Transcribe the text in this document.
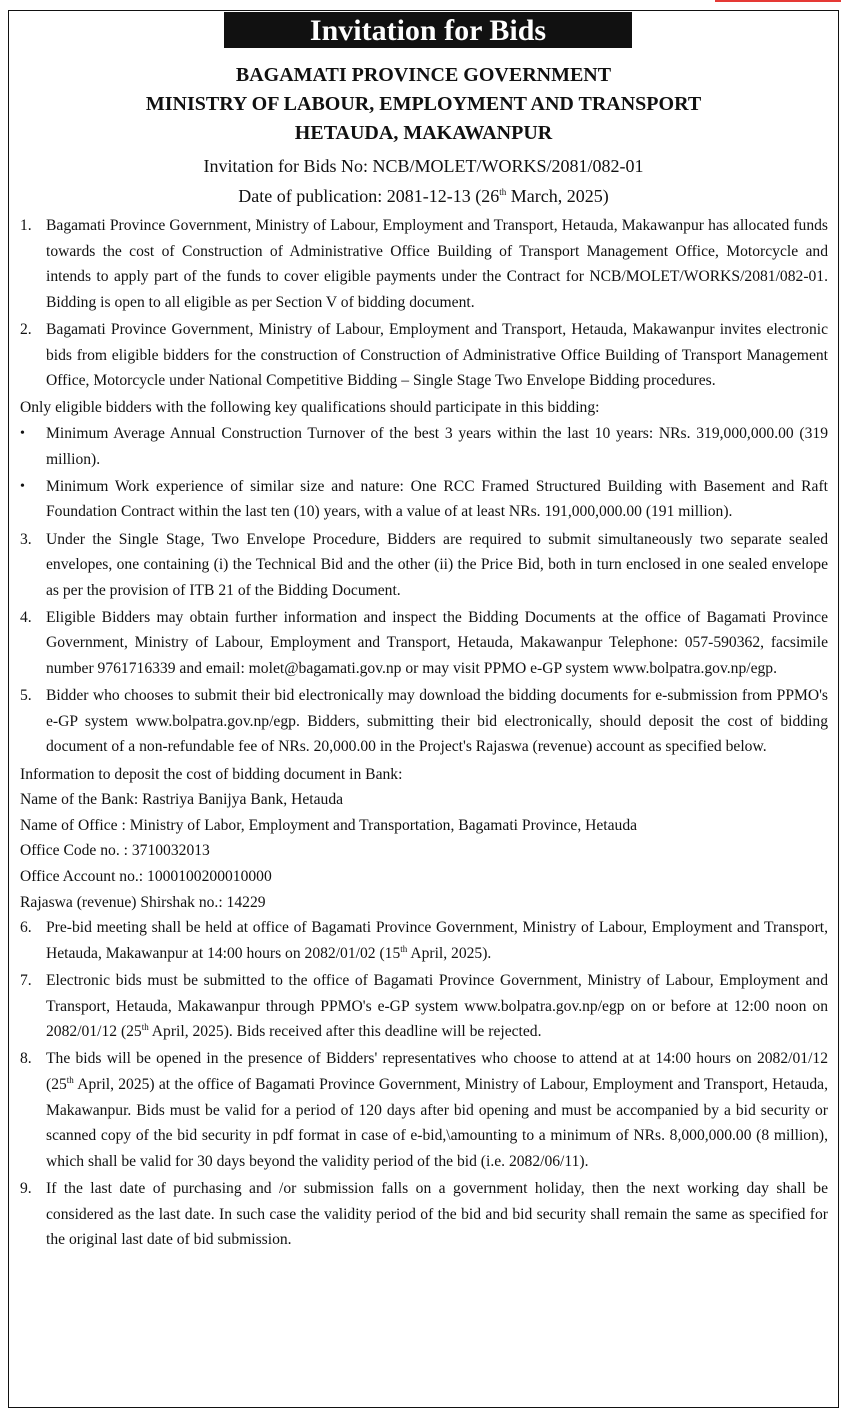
Invitation for Bids
BAGAMATI PROVINCE GOVERNMENT
MINISTRY OF LABOUR, EMPLOYMENT AND TRANSPORT
HETAUDA, MAKAWANPUR
Invitation for Bids No: NCB/MOLET/WORKS/2081/082-01
Date of publication: 2081-12-13 (26th March, 2025)
1. Bagamati Province Government, Ministry of Labour, Employment and Transport, Hetauda, Makawanpur has allocated funds towards the cost of Construction of Administrative Office Building of Transport Management Office, Motorcycle and intends to apply part of the funds to cover eligible payments under the Contract for NCB/MOLET/WORKS/2081/082-01. Bidding is open to all eligible as per Section V of bidding document.
2. Bagamati Province Government, Ministry of Labour, Employment and Transport, Hetauda, Makawanpur invites electronic bids from eligible bidders for the construction of Construction of Administrative Office Building of Transport Management Office, Motorcycle under National Competitive Bidding – Single Stage Two Envelope Bidding procedures.
Only eligible bidders with the following key qualifications should participate in this bidding:
•	Minimum Average Annual Construction Turnover of the best 3 years within the last 10 years: NRs. 319,000,000.00 (319 million).
•	Minimum Work experience of similar size and nature: One RCC Framed Structured Building with Basement and Raft Foundation Contract within the last ten (10) years, with a value of at least NRs. 191,000,000.00 (191 million).
3. Under the Single Stage, Two Envelope Procedure, Bidders are required to submit simultaneously two separate sealed envelopes, one containing (i) the Technical Bid and the other (ii) the Price Bid, both in turn enclosed in one sealed envelope as per the provision of ITB 21 of the Bidding Document.
4. Eligible Bidders may obtain further information and inspect the Bidding Documents at the office of Bagamati Province Government, Ministry of Labour, Employment and Transport, Hetauda, Makawanpur Telephone: 057-590362, facsimile number 9761716339 and email: molet@bagamati.gov.np or may visit PPMO e-GP system www.bolpatra.gov.np/egp.
5. Bidder who chooses to submit their bid electronically may download the bidding documents for e-submission from PPMO's e-GP system www.bolpatra.gov.np/egp. Bidders, submitting their bid electronically, should deposit the cost of bidding document of a non-refundable fee of NRs. 20,000.00 in the Project's Rajaswa (revenue) account as specified below.
Information to deposit the cost of bidding document in Bank:
Name of the Bank: Rastriya Banijya Bank, Hetauda
Name of Office : Ministry of Labor, Employment and Transportation, Bagamati Province, Hetauda
Office Code no. : 3710032013
Office Account no.: 1000100200010000
Rajaswa (revenue) Shirshak no.: 14229
6. Pre-bid meeting shall be held at office of Bagamati Province Government, Ministry of Labour, Employment and Transport, Hetauda, Makawanpur at 14:00 hours on 2082/01/02 (15th April, 2025).
7. Electronic bids must be submitted to the office of Bagamati Province Government, Ministry of Labour, Employment and Transport, Hetauda, Makawanpur through PPMO's e-GP system www.bolpatra.gov.np/egp on or before at 12:00 noon on 2082/01/12 (25th April, 2025). Bids received after this deadline will be rejected.
8. The bids will be opened in the presence of Bidders' representatives who choose to attend at at 14:00 hours on 2082/01/12 (25th April, 2025) at the office of Bagamati Province Government, Ministry of Labour, Employment and Transport, Hetauda, Makawanpur. Bids must be valid for a period of 120 days after bid opening and must be accompanied by a bid security or scanned copy of the bid security in pdf format in case of e-bid,\amounting to a minimum of NRs. 8,000,000.00 (8 million), which shall be valid for 30 days beyond the validity period of the bid (i.e. 2082/06/11).
9. If the last date of purchasing and /or submission falls on a government holiday, then the next working day shall be considered as the last date. In such case the validity period of the bid and bid security shall remain the same as specified for the original last date of bid submission.
